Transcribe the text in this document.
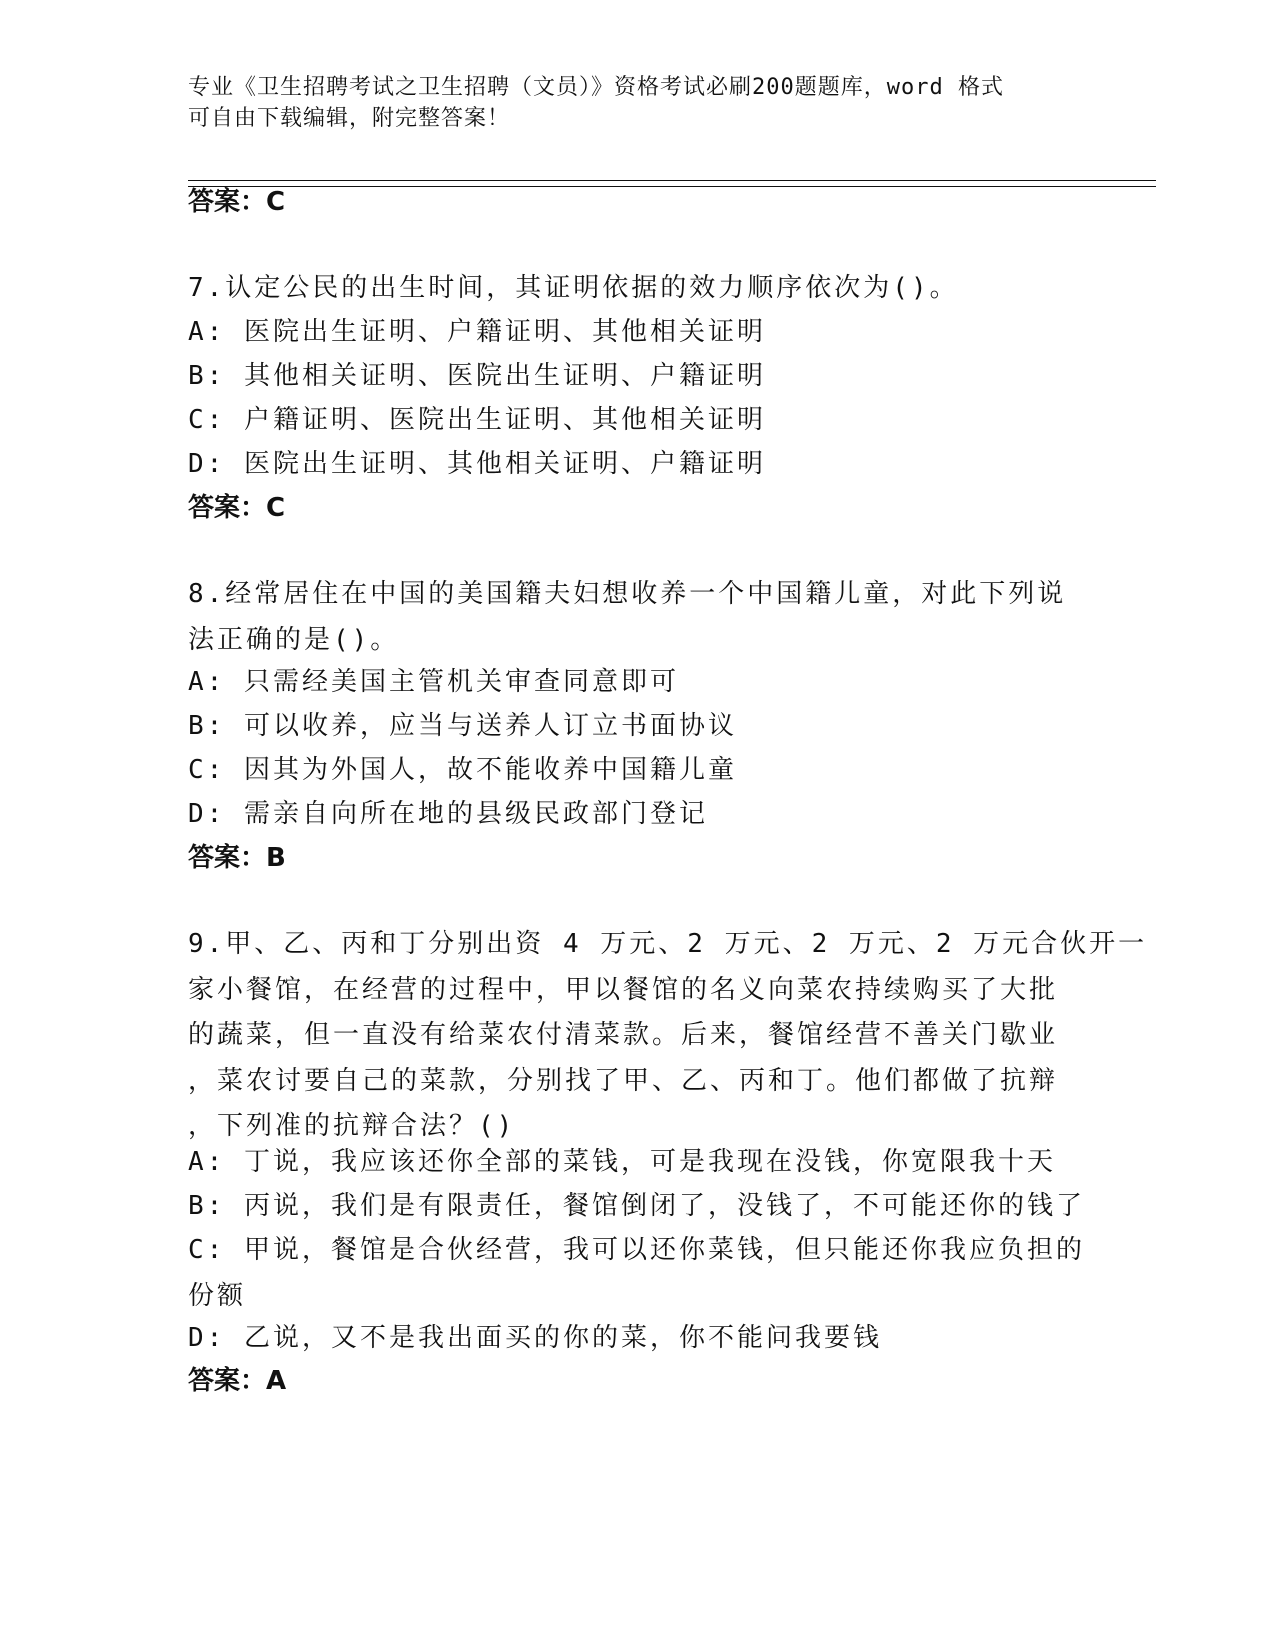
专业《卫生招聘考试之卫生招聘（文员）》资格考试必刷200题题库，word 格式
可自由下载编辑，附完整答案！
答案：C
7.认定公民的出生时间，其证明依据的效力顺序依次为()。
A: 医院出生证明、户籍证明、其他相关证明
B: 其他相关证明、医院出生证明、户籍证明
C: 户籍证明、医院出生证明、其他相关证明
D: 医院出生证明、其他相关证明、户籍证明
答案：C
8.经常居住在中国的美国籍夫妇想收养一个中国籍儿童，对此下列说
法正确的是()。
A: 只需经美国主管机关审查同意即可
B: 可以收养，应当与送养人订立书面协议
C: 因其为外国人，故不能收养中国籍儿童
D: 需亲自向所在地的县级民政部门登记
答案：B
9.甲、乙、丙和丁分别出资 4 万元、2 万元、2 万元、2 万元合伙开一
家小餐馆，在经营的过程中，甲以餐馆的名义向菜农持续购买了大批
的蔬菜，但一直没有给菜农付清菜款。后来，餐馆经营不善关门歇业
，菜农讨要自己的菜款，分别找了甲、乙、丙和丁。他们都做了抗辩
，下列准的抗辩合法？()
A: 丁说，我应该还你全部的菜钱，可是我现在没钱，你宽限我十天
B: 丙说，我们是有限责任，餐馆倒闭了，没钱了，不可能还你的钱了
C: 甲说，餐馆是合伙经营，我可以还你菜钱，但只能还你我应负担的
份额
D: 乙说，又不是我出面买的你的菜，你不能问我要钱
答案：A
